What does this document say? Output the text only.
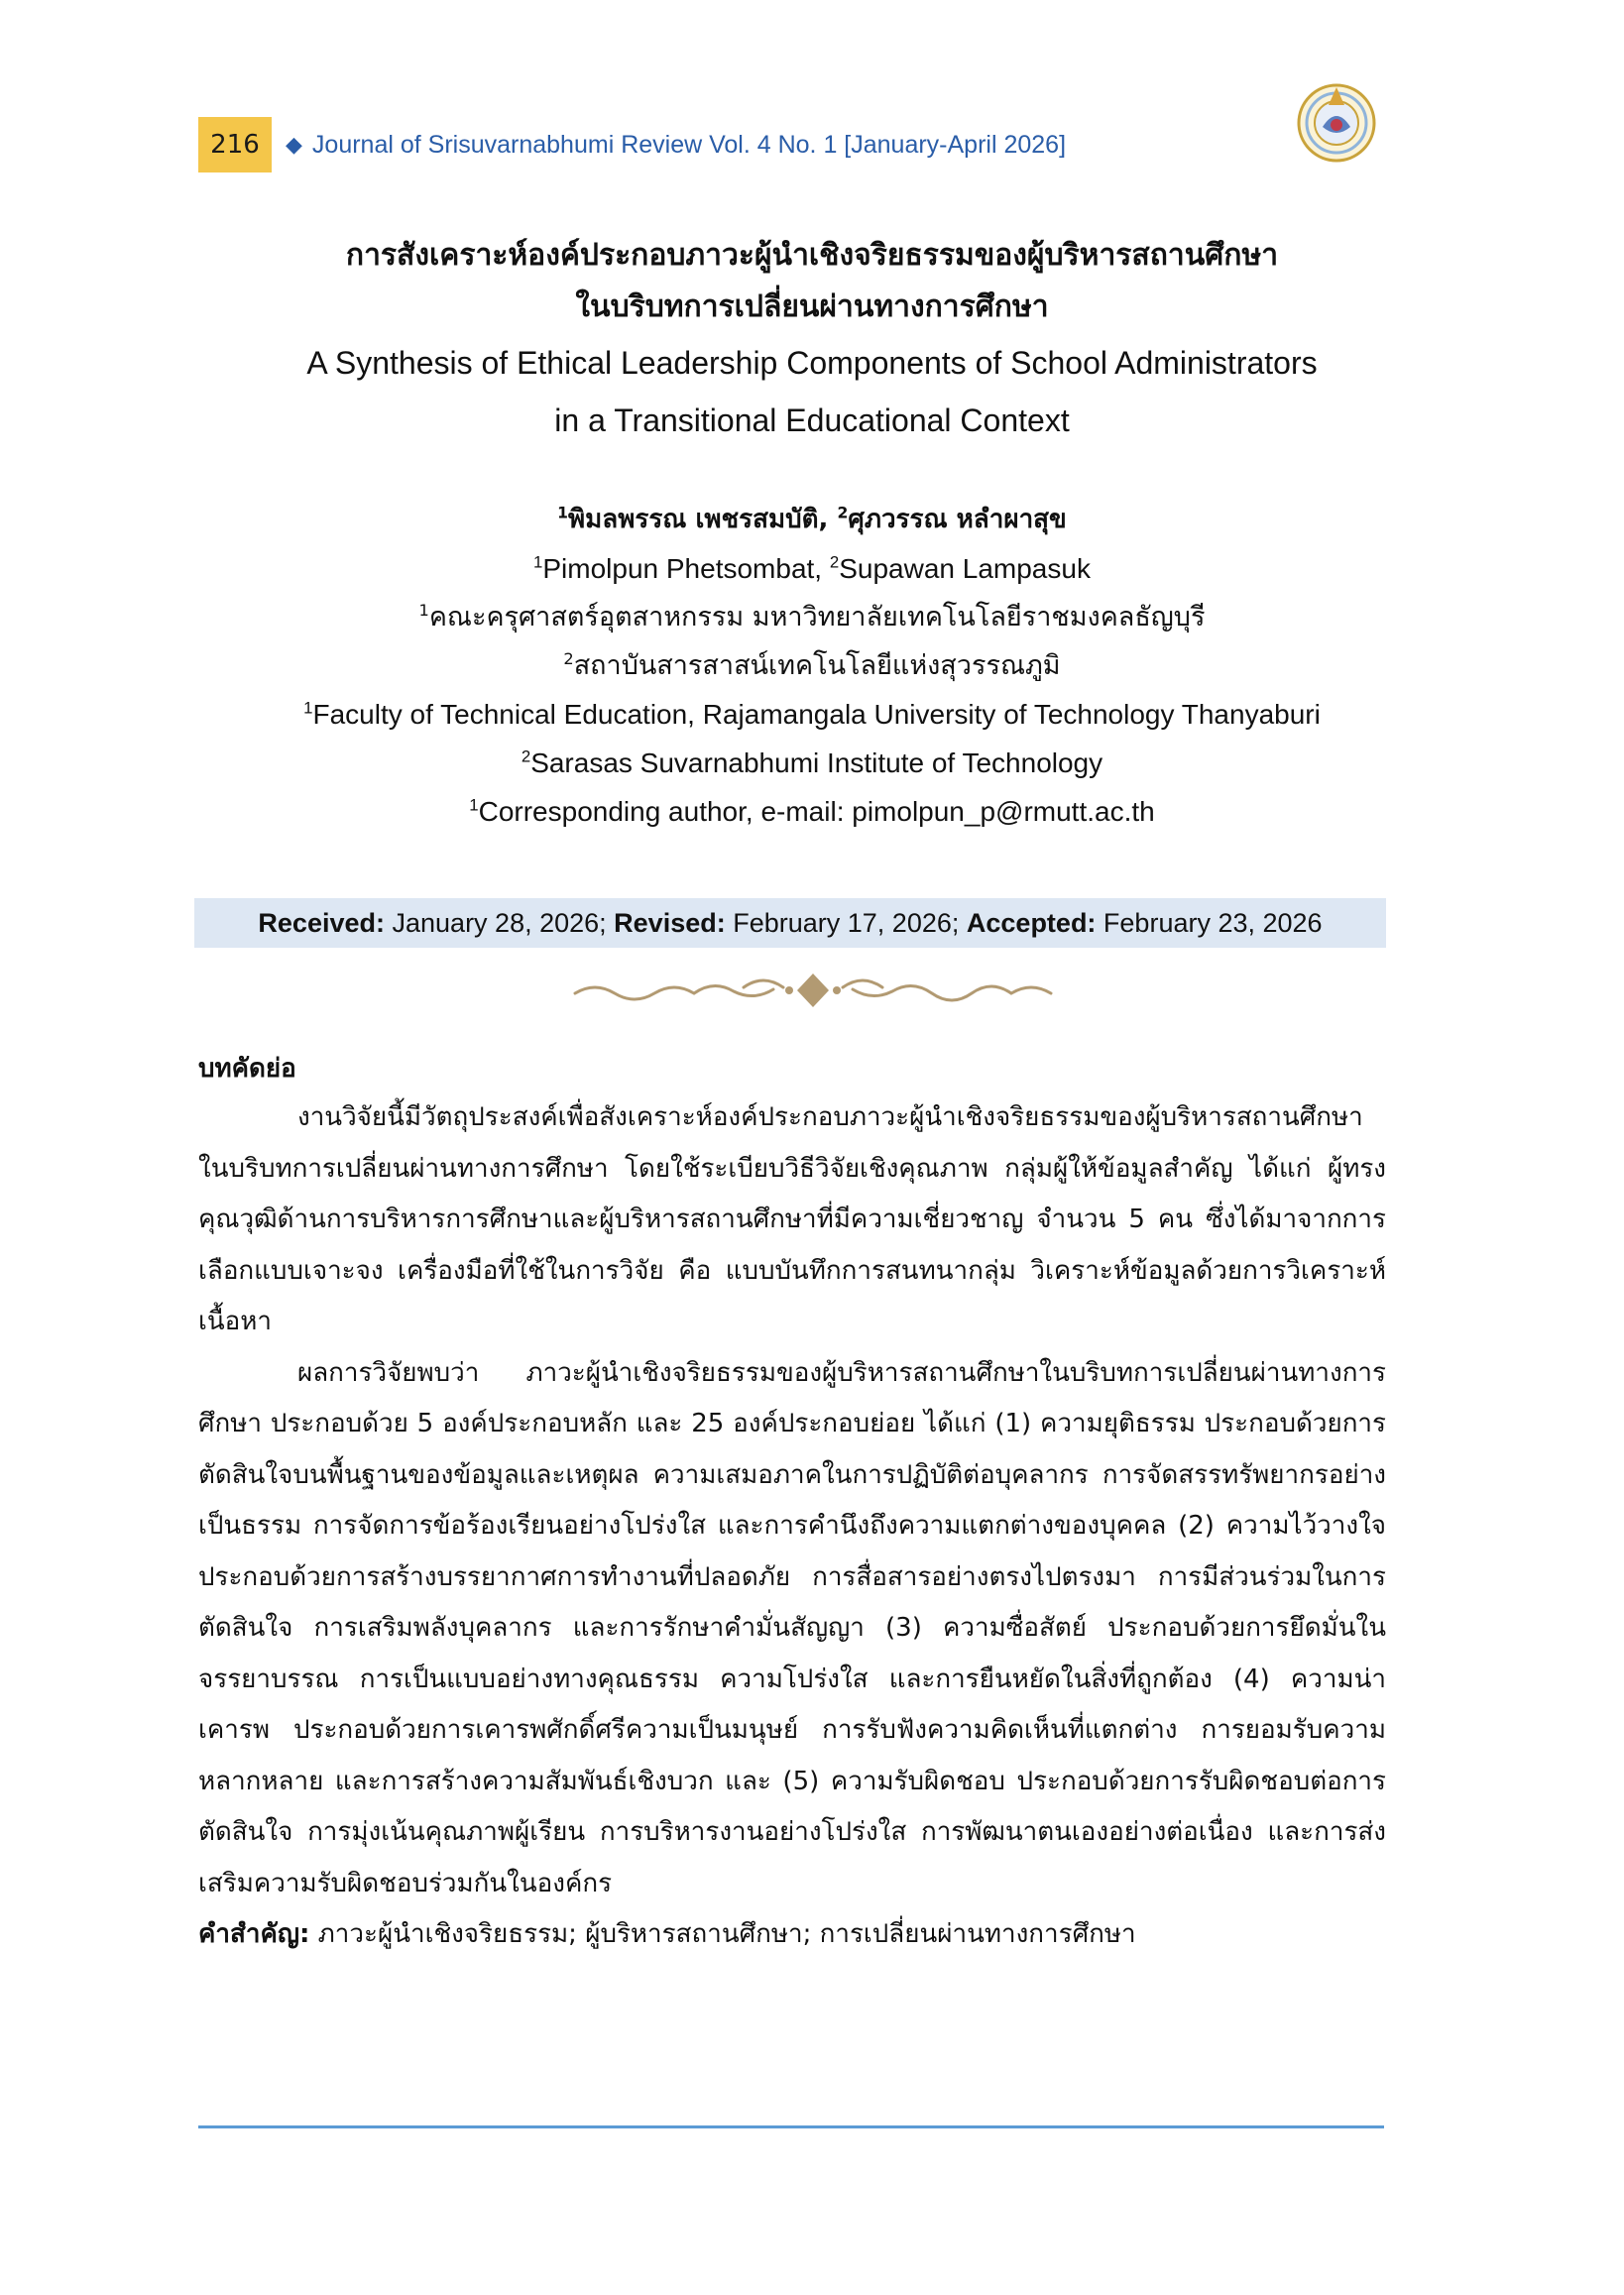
216	◆ Journal of Srisuvarnabhumi Review Vol. 4 No. 1 [January-April 2026]
การสังเคราะห์องค์ประกอบภาวะผู้นำเชิงจริยธรรมของผู้บริหารสถานศึกษา
ในบริบทการเปลี่ยนผ่านทางการศึกษา
A Synthesis of Ethical Leadership Components of School Administrators
in a Transitional Educational Context
$^1$พิมลพรรณ เพชรสมบัติ, $^2$ศุภวรรณ หลำผาสุข
$^1$Pimolpun Phetsombat, $^2$Supawan Lampasuk
$^1$คณะครุศาสตร์อุตสาหกรรม มหาวิทยาลัยเทคโนโลยีราชมงคลธัญบุรี
$^2$สถาบันสารสาสน์เทคโนโลยีแห่งสุวรรณภูมิ
$^1$Faculty of Technical Education, Rajamangala University of Technology Thanyaburi
$^2$Sarasas Suvarnabhumi Institute of Technology
$^1$Corresponding author, e-mail: pimolpun_p@rmutt.ac.th
Received: January 28, 2026; Revised: February 17, 2026; Accepted: February 23, 2026
บทคัดย่อ

งานวิจัยนี้มีวัตถุประสงค์เพื่อสังเคราะห์องค์ประกอบภาวะผู้นำเชิงจริยธรรมของผู้บริหารสถานศึกษาในบริบทการเปลี่ยนผ่านทางการศึกษา โดยใช้ระเบียบวิธีวิจัยเชิงคุณภาพ กลุ่มผู้ให้ข้อมูลสำคัญ ได้แก่ ผู้ทรงคุณวุฒิด้านการบริหารการศึกษาและผู้บริหารสถานศึกษาที่มีความเชี่ยวชาญ จำนวน 5 คน ซึ่งได้มาจากการเลือกแบบเจาะจง เครื่องมือที่ใช้ในการวิจัย คือ แบบบันทึกการสนทนากลุ่ม วิเคราะห์ข้อมูลด้วยการวิเคราะห์เนื้อหา

ผลการวิจัยพบว่า ภาวะผู้นำเชิงจริยธรรมของผู้บริหารสถานศึกษาในบริบทการเปลี่ยนผ่านทางการศึกษา ประกอบด้วย 5 องค์ประกอบหลัก และ 25 องค์ประกอบย่อย ได้แก่ (1) ความยุติธรรม ประกอบด้วยการตัดสินใจบนพื้นฐานของข้อมูลและเหตุผล ความเสมอภาคในการปฏิบัติต่อบุคลากร การจัดสรรทรัพยากรอย่างเป็นธรรม การจัดการข้อร้องเรียนอย่างโปร่งใส และการคำนึงถึงความแตกต่างของบุคคล (2) ความไว้วางใจ ประกอบด้วยการสร้างบรรยากาศการทำงานที่ปลอดภัย การสื่อสารอย่างตรงไปตรงมา การมีส่วนร่วมในการตัดสินใจ การเสริมพลังบุคลากร และการรักษาคำมั่นสัญญา (3) ความซื่อสัตย์ ประกอบด้วยการยึดมั่นในจรรยาบรรณ การเป็นแบบอย่างทางคุณธรรม ความโปร่งใส และการยืนหยัดในสิ่งที่ถูกต้อง (4) ความน่าเคารพ ประกอบด้วยการเคารพศักดิ์ศรีความเป็นมนุษย์ การรับฟังความคิดเห็นที่แตกต่าง การยอมรับความหลากหลาย และการสร้างความสัมพันธ์เชิงบวก และ (5) ความรับผิดชอบ ประกอบด้วยการรับผิดชอบต่อการตัดสินใจ การมุ่งเน้นคุณภาพผู้เรียน การบริหารงานอย่างโปร่งใส การพัฒนาตนเองอย่างต่อเนื่อง และการส่งเสริมความรับผิดชอบร่วมกันในองค์กร

คำสำคัญ: ภาวะผู้นำเชิงจริยธรรม; ผู้บริหารสถานศึกษา; การเปลี่ยนผ่านทางการศึกษา
